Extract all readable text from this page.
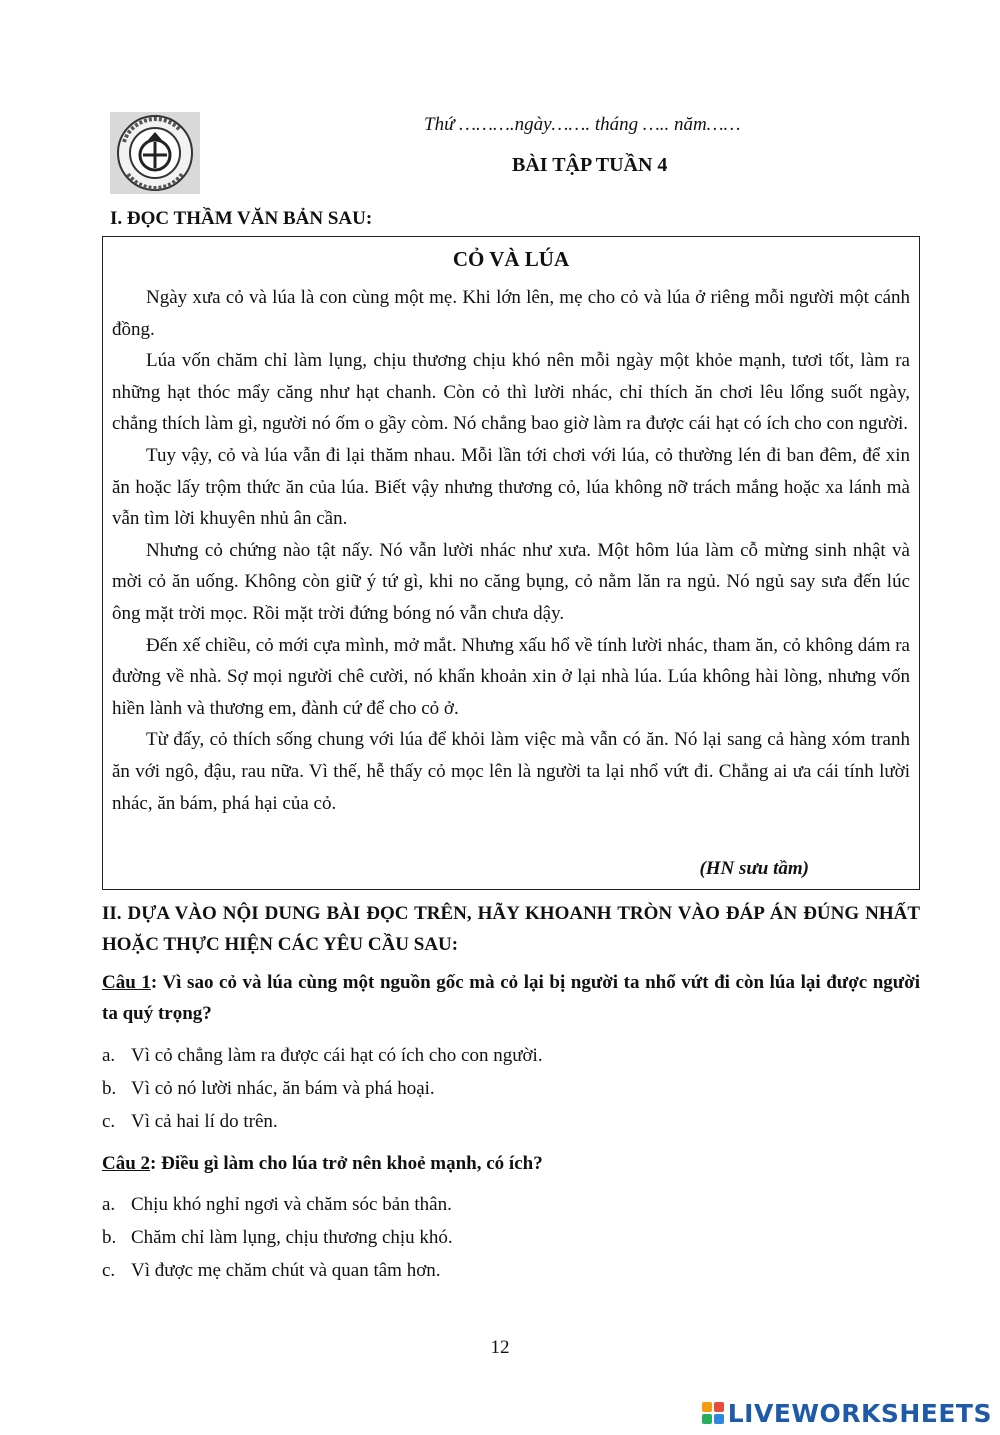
Thứ ……….ngày……. tháng ….. năm……
BÀI TẬP TUẦN 4
I. ĐỌC THẦM VĂN BẢN SAU:
CỎ VÀ LÚA

Ngày xưa cỏ và lúa là con cùng một mẹ. Khi lớn lên, mẹ cho cỏ và lúa ở riêng mỗi người một cánh đồng.

Lúa vốn chăm chỉ làm lụng, chịu thương chịu khó nên mỗi ngày một khỏe mạnh, tươi tốt, làm ra những hạt thóc mẩy căng như hạt chanh. Còn cỏ thì lười nhác, chỉ thích ăn chơi lêu lổng suốt ngày, chẳng thích làm gì, người nó ốm o gầy còm. Nó chẳng bao giờ làm ra được cái hạt có ích cho con người.

Tuy vậy, cỏ và lúa vẫn đi lại thăm nhau. Mỗi lần tới chơi với lúa, cỏ thường lén đi ban đêm, để xin ăn hoặc lấy trộm thức ăn của lúa. Biết vậy nhưng thương cỏ, lúa không nỡ trách mắng hoặc xa lánh mà vẫn tìm lời khuyên nhủ ân cần.

Nhưng cỏ chứng nào tật nấy. Nó vẫn lười nhác như xưa. Một hôm lúa làm cỗ mừng sinh nhật và mời cỏ ăn uống. Không còn giữ ý tứ gì, khi no căng bụng, cỏ nằm lăn ra ngủ. Nó ngủ say sưa đến lúc ông mặt trời mọc. Rồi mặt trời đứng bóng nó vẫn chưa dậy.

Đến xế chiều, cỏ mới cựa mình, mở mắt. Nhưng xấu hổ về tính lười nhác, tham ăn, cỏ không dám ra đường về nhà. Sợ mọi người chê cười, nó khẩn khoản xin ở lại nhà lúa. Lúa không hài lòng, nhưng vốn hiền lành và thương em, đành cứ để cho cỏ ở.

Từ đấy, cỏ thích sống chung với lúa để khỏi làm việc mà vẫn có ăn. Nó lại sang cả hàng xóm tranh ăn với ngô, đậu, rau nữa. Vì thế, hễ thấy cỏ mọc lên là người ta lại nhổ vứt đi. Chẳng ai ưa cái tính lười nhác, ăn bám, phá hại của cỏ.

(HN sưu tầm)
II. DỰA VÀO NỘI DUNG BÀI ĐỌC TRÊN, HÃY KHOANH TRÒN VÀO ĐÁP ÁN ĐÚNG NHẤT HOẶC THỰC HIỆN CÁC YÊU CẦU SAU:
Câu 1: Vì sao cỏ và lúa cùng một nguồn gốc mà cỏ lại bị người ta nhổ vứt đi còn lúa lại được người ta quý trọng?
a. Vì cỏ chẳng làm ra được cái hạt có ích cho con người.
b. Vì cỏ nó lười nhác, ăn bám và phá hoại.
c. Vì cả hai lí do trên.
Câu 2: Điều gì làm cho lúa trở nên khoẻ mạnh, có ích?
a. Chịu khó nghỉ ngơi và chăm sóc bản thân.
b. Chăm chỉ làm lụng, chịu thương chịu khó.
c. Vì được mẹ chăm chút và quan tâm hơn.
12
LIVEWORKSHEETS
